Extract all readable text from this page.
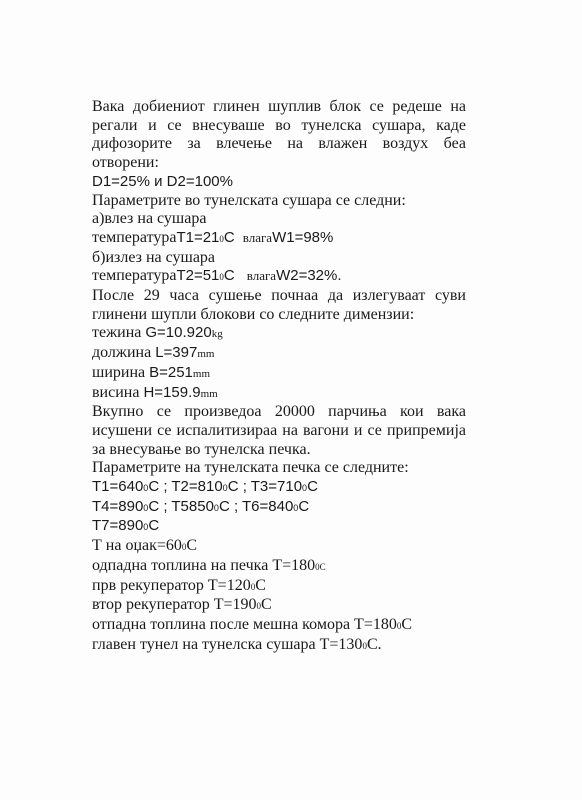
Вака добиениот глинен шуплив блок се редеше на регали и се внесуваше во тунелска сушара, каде дифозорите за влечење на влажен воздух беа отворени:

D1=25% и D2=100%

Параметрите во тунелската сушара се следни:

а)влез на сушара

температураT1=210C влагаW1=98%

б)излез на сушара

температураT2=510C влагаW2=32%.

После 29 часа сушење почнаа да излегуваат суви глинени шупли блокови со следните димензии:

тежина G=10.920kg

должина L=397mm

ширина B=251mm

висина H=159.9mm

Вкупно се произведоа 20000 парчиња кои вака исушени се испалитизираа на вагони и се припремија за внесување во тунелска печка.

Параметрите на тунелската печка се следните:

T1=6400C ; T2=8100C ; T3=7100C

T4=8900C ; T58500C ; T6=8400C

T7=8900C

Т на оџак=600C

одпадна топлина на печка Т=1800C

прв рекуператор Т=1200C

втор рекуператор Т=1900C

отпадна топлина после мешна комора Т=1800C

главен тунел на тунелска сушара Т=1300C.
